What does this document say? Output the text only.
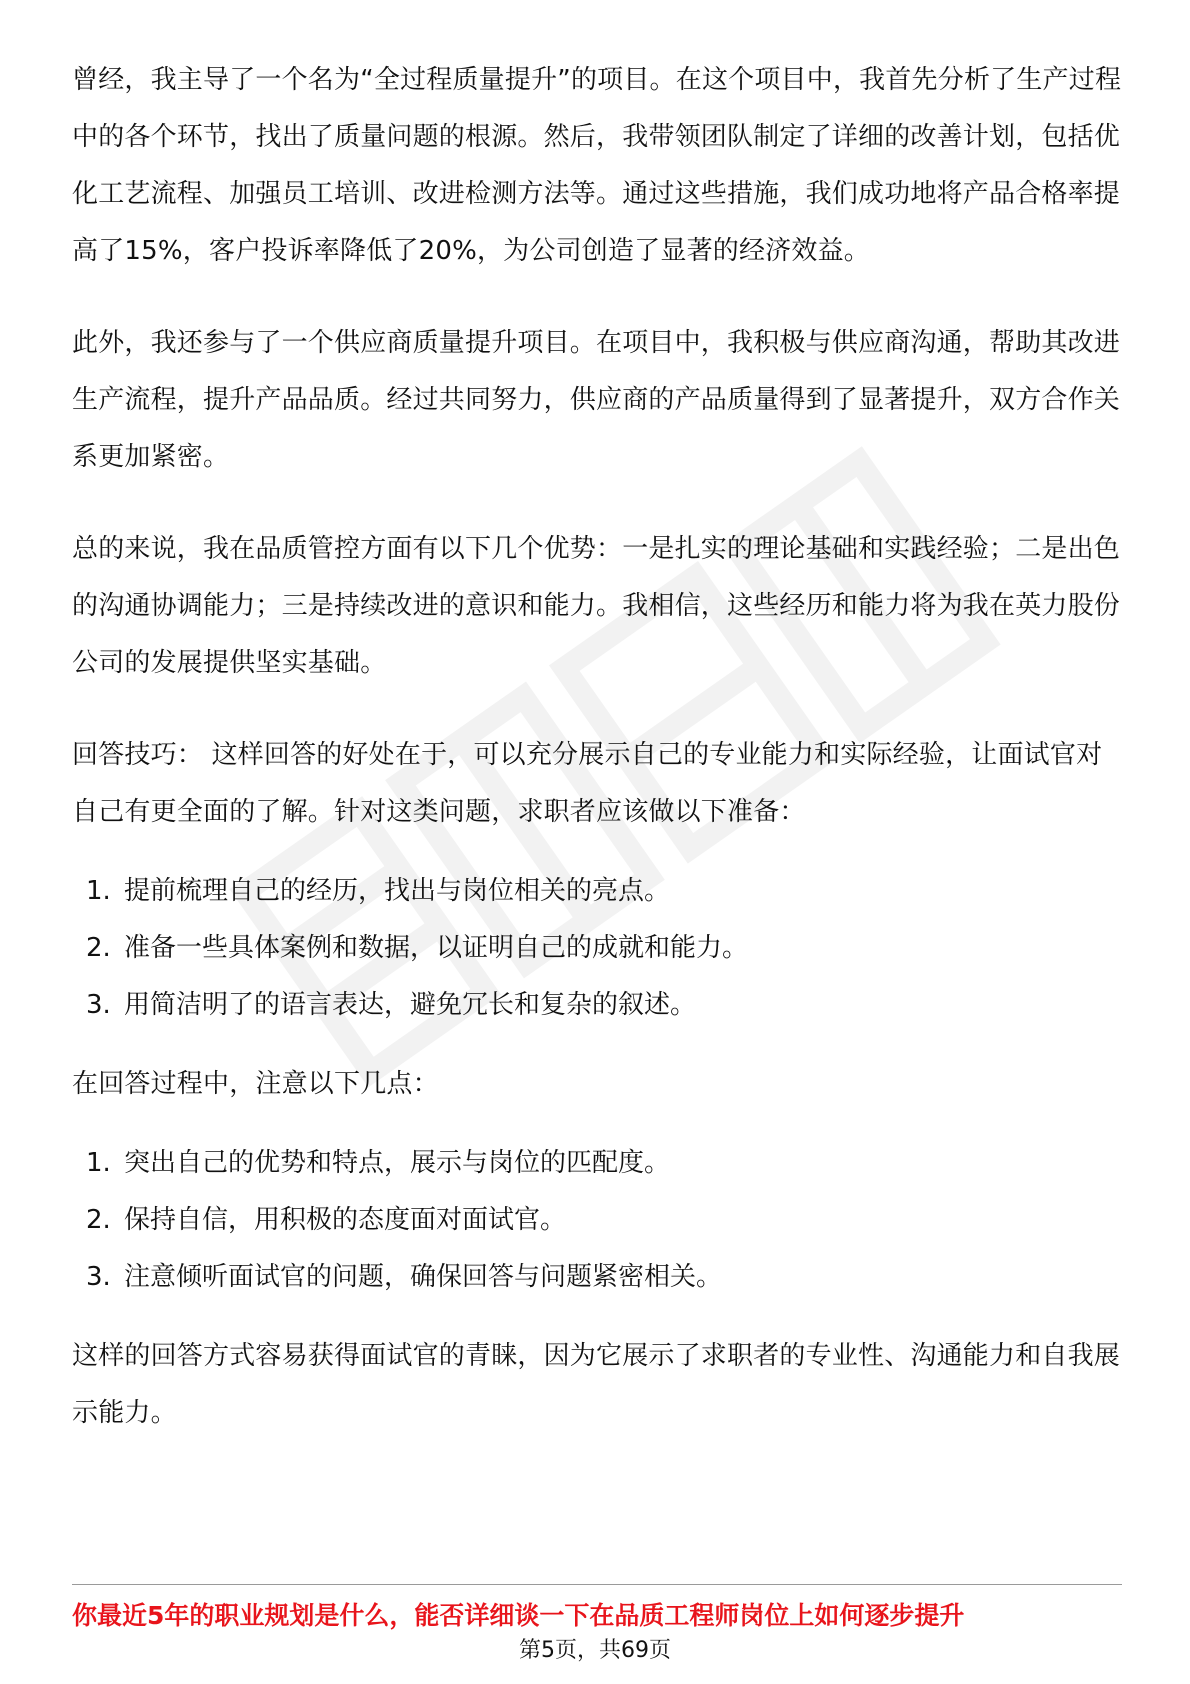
曾经，我主导了一个名为“全过程质量提升”的项目。在这个项目中，我首先分析了生产过程中的各个环节，找出了质量问题的根源。然后，我带领团队制定了详细的改善计划，包括优化工艺流程、加强员工培训、改进检测方法等。通过这些措施，我们成功地将产品合格率提高了15%，客户投诉率降低了20%，为公司创造了显著的经济效益。

此外，我还参与了一个供应商质量提升项目。在项目中，我积极与供应商沟通，帮助其改进生产流程，提升产品品质。经过共同努力，供应商的产品质量得到了显著提升，双方合作关系更加紧密。

总的来说，我在品质管控方面有以下几个优势：一是扎实的理论基础和实践经验；二是出色的沟通协调能力；三是持续改进的意识和能力。我相信，这些经历和能力将为我在英力股份公司的发展提供坚实基础。

回答技巧： 这样回答的好处在于，可以充分展示自己的专业能力和实际经验，让面试官对自己有更全面的了解。针对这类问题，求职者应该做以下准备：

1. 提前梳理自己的经历，找出与岗位相关的亮点。
2. 准备一些具体案例和数据，以证明自己的成就和能力。
3. 用简洁明了的语言表达，避免冗长和复杂的叙述。

在回答过程中，注意以下几点：

1. 突出自己的优势和特点，展示与岗位的匹配度。
2. 保持自信，用积极的态度面对面试官。
3. 注意倾听面试官的问题，确保回答与问题紧密相关。

这样的回答方式容易获得面试官的青睐，因为它展示了求职者的专业性、沟通能力和自我展示能力。

你最近5年的职业规划是什么，能否详细谈一下在品质工程师岗位上如何逐步提升
第5页，共69页
